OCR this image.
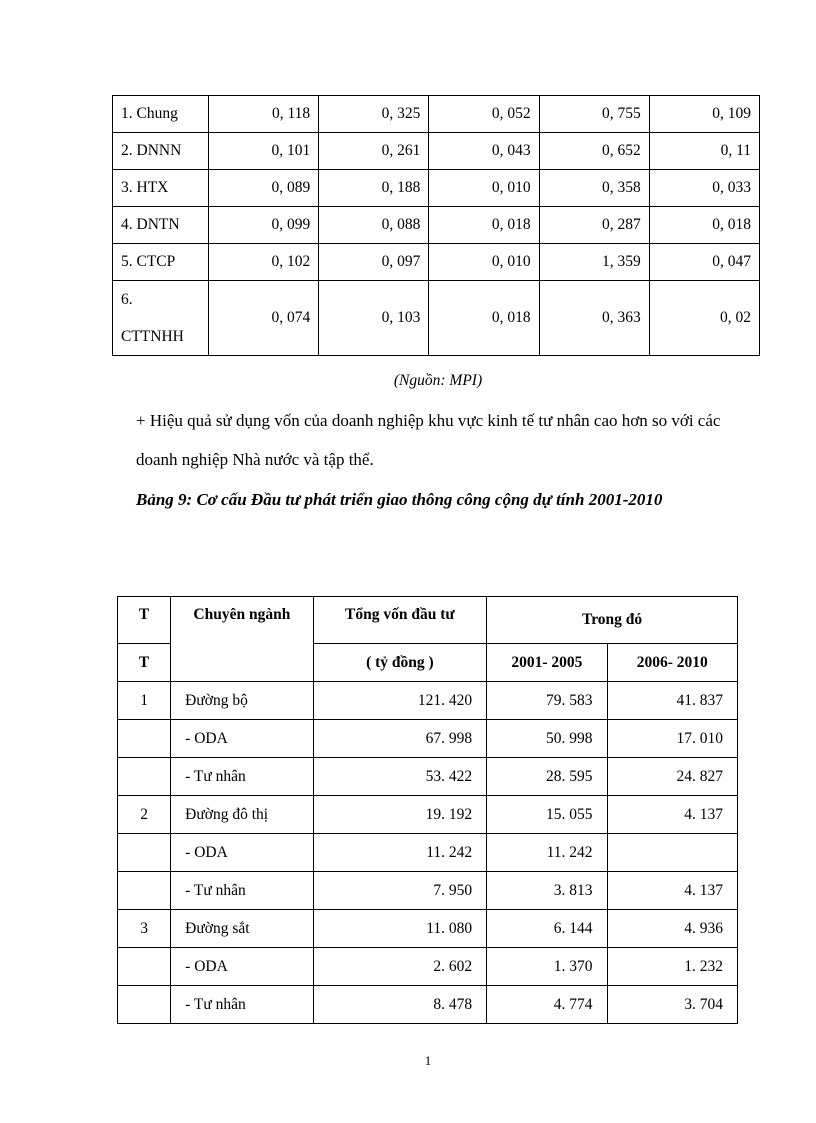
1. Chung	0, 118	0, 325	0, 052	0, 755	0, 109
2. DNNN	0, 101	0, 261	0, 043	0, 652	0, 11
3. HTX	0, 089	0, 188	0, 010	0, 358	0, 033
4. DNTN	0, 099	0, 088	0, 018	0, 287	0, 018
5. CTCP	0, 102	0, 097	0, 010	1, 359	0, 047

6.
CTTNHH	0, 074	0, 103	0, 018	0, 363	0, 02
(Nguồn: MPI)
+ Hiệu quả sử dụng vốn của doanh nghiệp khu vực kinh tế tư nhân cao hơn so với các doanh nghiệp Nhà nước và tập thể.
Bảng 9: Cơ cấu Đầu tư phát triển giao thông công cộng dự tính 2001-2010
T	Chuyên ngành	Tổng vốn đầu tư	Trong đó	
T		( tỷ đồng )	2001- 2005	2006- 2010
1	Đường bộ	121. 420	79. 583	41. 837
	- ODA	67. 998	50. 998	17. 010
	- Tư nhân	53. 422	28. 595	24. 827
2	Đường đô thị	19. 192	15. 055	4. 137
	- ODA	11. 242	11. 242	
	- Tư nhân	7. 950	3. 813	4. 137
3	Đường sắt	11. 080	6. 144	4. 936
	- ODA	2. 602	1. 370	1. 232
	- Tư nhân	8. 478	4. 774	3. 704
1
